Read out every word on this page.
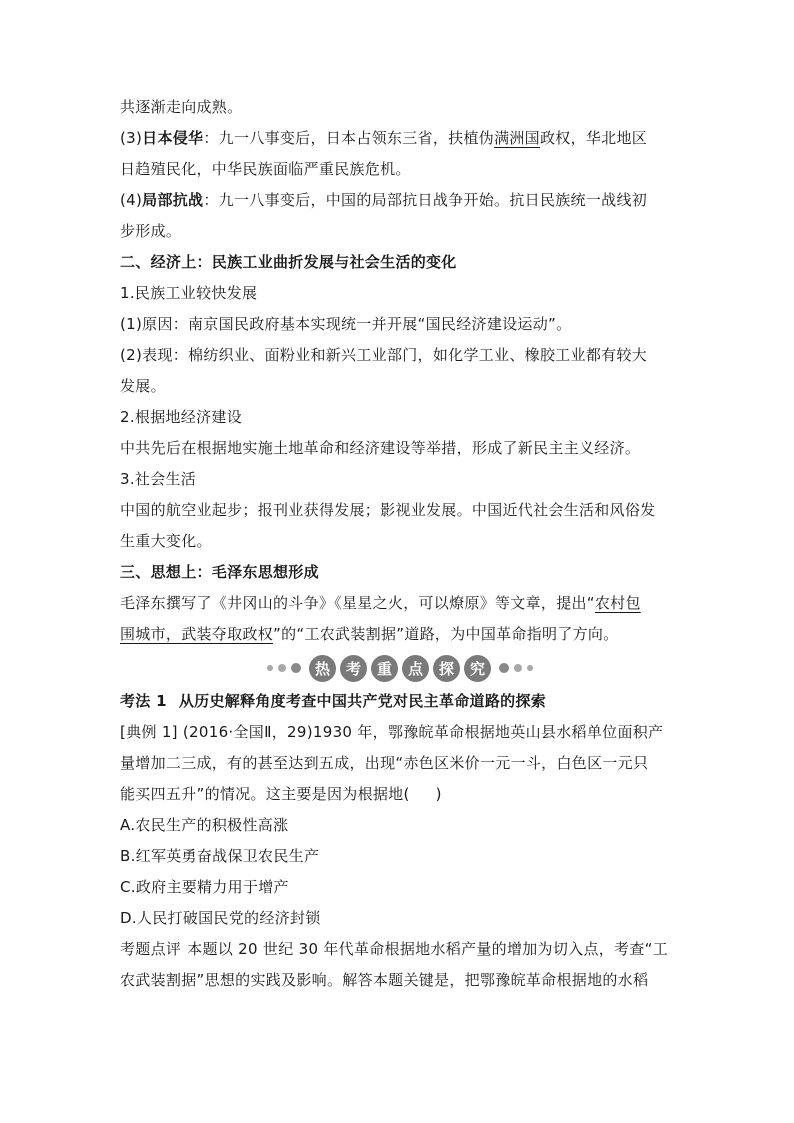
共逐渐走向成熟。
(3)日本侵华：九一八事变后，日本占领东三省，扶植伪满洲国政权，华北地区
日趋殖民化，中华民族面临严重民族危机。
(4)局部抗战：九一八事变后，中国的局部抗日战争开始。抗日民族统一战线初
步形成。
二、经济上：民族工业曲折发展与社会生活的变化
1.民族工业较快发展
(1)原因：南京国民政府基本实现统一并开展“国民经济建设运动”。
(2)表现：棉纺织业、面粉业和新兴工业部门，如化学工业、橡胶工业都有较大
发展。
2.根据地经济建设
中共先后在根据地实施土地革命和经济建设等举措，形成了新民主主义经济。
3.社会生活
中国的航空业起步；报刊业获得发展；影视业发展。中国近代社会生活和风俗发
生重大变化。
三、思想上：毛泽东思想形成
毛泽东撰写了《井冈山的斗争》《星星之火，可以燎原》等文章，提出“农村包
围城市，武装夺取政权”的“工农武装割据”道路，为中国革命指明了方向。
热	考	重	点	探	究
考法 1 从历史解释角度考查中国共产党对民主革命道路的探索
[典例 1] (2016·全国Ⅱ，29)1930 年，鄂豫皖革命根据地英山县水稻单位面积产
量增加二三成，有的甚至达到五成，出现“赤色区米价一元一斗，白色区一元只
能买四五升”的情况。这主要是因为根据地( )
A.农民生产的积极性高涨
B.红军英勇奋战保卫农民生产
C.政府主要精力用于增产
D.人民打破国民党的经济封锁
考题点评 本题以 20 世纪 30 年代革命根据地水稻产量的增加为切入点，考查“工
农武装割据”思想的实践及影响。解答本题关键是，把鄂豫皖革命根据地的水稻
